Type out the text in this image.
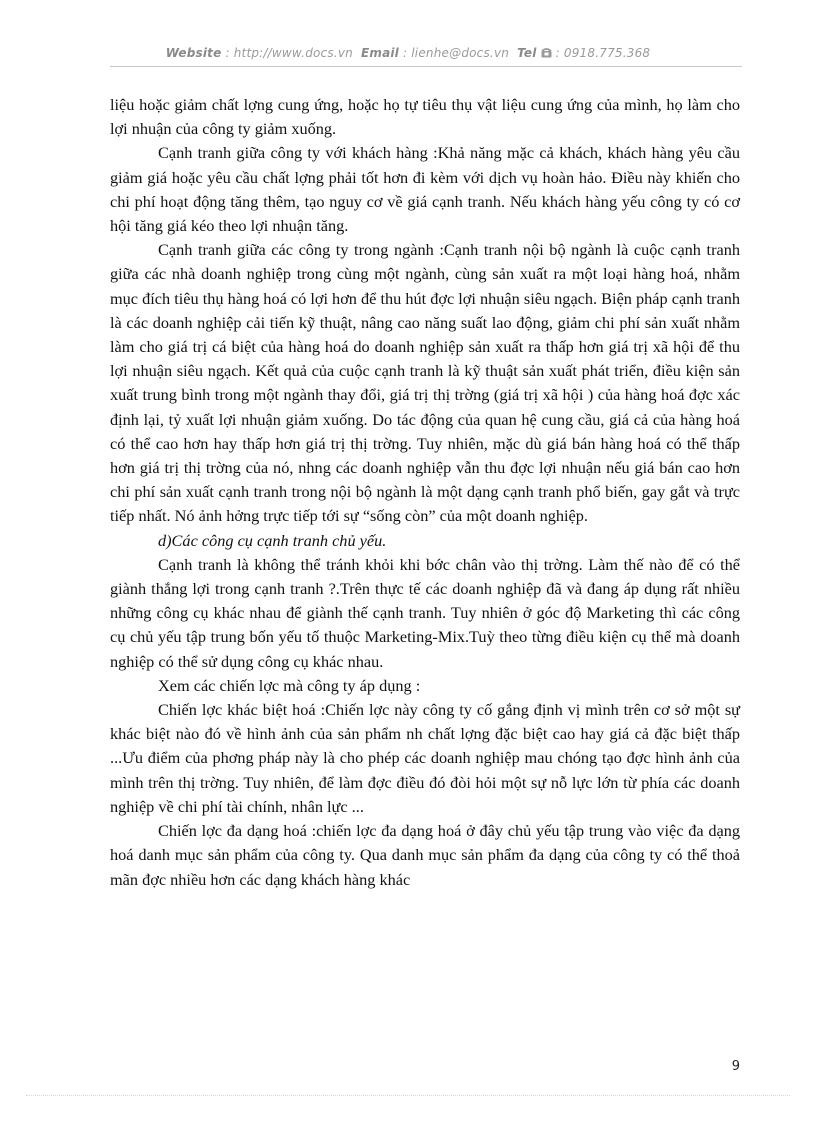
Website : http://www.docs.vn Email : lienhe@docs.vn Tel : 0918.775.368

liệu hoặc giảm chất lợng cung ứng, hoặc họ tự tiêu thụ vật liệu cung ứng của mình, họ làm cho lợi nhuận của công ty giảm xuống.

Cạnh tranh giữa công ty với khách hàng :Khả năng mặc cả khách, khách hàng yêu cầu giảm giá hoặc yêu cầu chất lợng phải tốt hơn đi kèm với dịch vụ hoàn hảo. Điều này khiến cho chi phí hoạt động tăng thêm, tạo nguy cơ về giá cạnh tranh. Nếu khách hàng yếu công ty có cơ hội tăng giá kéo theo lợi nhuận tăng.

Cạnh tranh giữa các công ty trong ngành :Cạnh tranh nội bộ ngành là cuộc cạnh tranh giữa các nhà doanh nghiệp trong cùng một ngành, cùng sản xuất ra một loại hàng hoá, nhằm mục đích tiêu thụ hàng hoá có lợi hơn để thu hút đợc lợi nhuận siêu ngạch. Biện pháp cạnh tranh là các doanh nghiệp cải tiến kỹ thuật, nâng cao năng suất lao động, giảm chi phí sản xuất nhằm làm cho giá trị cá biệt của hàng hoá do doanh nghiệp sản xuất ra thấp hơn giá trị xã hội để thu lợi nhuận siêu ngạch. Kết quả của cuộc cạnh tranh là kỹ thuật sản xuất phát triển, điều kiện sản xuất trung bình trong một ngành thay đổi, giá trị thị trờng (giá trị xã hội ) của hàng hoá đợc xác định lại, tỷ xuất lợi nhuận giảm xuống. Do tác động của quan hệ cung cầu, giá cả của hàng hoá có thể cao hơn hay thấp hơn giá trị thị trờng. Tuy nhiên, mặc dù giá bán hàng hoá có thể thấp hơn giá trị thị trờng của nó, nhng các doanh nghiệp vẫn thu đợc lợi nhuận nếu giá bán cao hơn chi phí sản xuất cạnh tranh trong nội bộ ngành là một dạng cạnh tranh phổ biến, gay gắt và trực tiếp nhất. Nó ảnh hởng trực tiếp tới sự “sống còn” của một doanh nghiệp.

d)Các công cụ cạnh tranh chủ yếu.

Cạnh tranh là không thể tránh khỏi khi bớc chân vào thị trờng. Làm thế nào để có thể giành thắng lợi trong cạnh tranh ?.Trên thực tế các doanh nghiệp đã và đang áp dụng rất nhiều những công cụ khác nhau để giành thế cạnh tranh. Tuy nhiên ở góc độ Marketing thì các công cụ chủ yếu tập trung bốn yếu tố thuộc Marketing-Mix.Tuỳ theo từng điều kiện cụ thể mà doanh nghiệp có thể sử dụng công cụ khác nhau.

Xem các chiến lợc mà công ty áp dụng :

Chiến lợc khác biệt hoá :Chiến lợc này công ty cố gắng định vị mình trên cơ sở một sự khác biệt nào đó về hình ảnh của sản phẩm nh chất lợng đặc biệt cao hay giá cả đặc biệt thấp ...Ưu điểm của phơng pháp này là cho phép các doanh nghiệp mau chóng tạo đợc hình ảnh của mình trên thị trờng. Tuy nhiên, để làm đợc điều đó đòi hỏi một sự nỗ lực lớn từ phía các doanh nghiệp về chi phí tài chính, nhân lực ...

Chiến lợc đa dạng hoá :chiến lợc đa dạng hoá ở đây chủ yếu tập trung vào việc đa dạng hoá danh mục sản phẩm của công ty. Qua danh mục sản phẩm đa dạng của công ty có thể thoả mãn đợc nhiều hơn các dạng khách hàng khác

9
